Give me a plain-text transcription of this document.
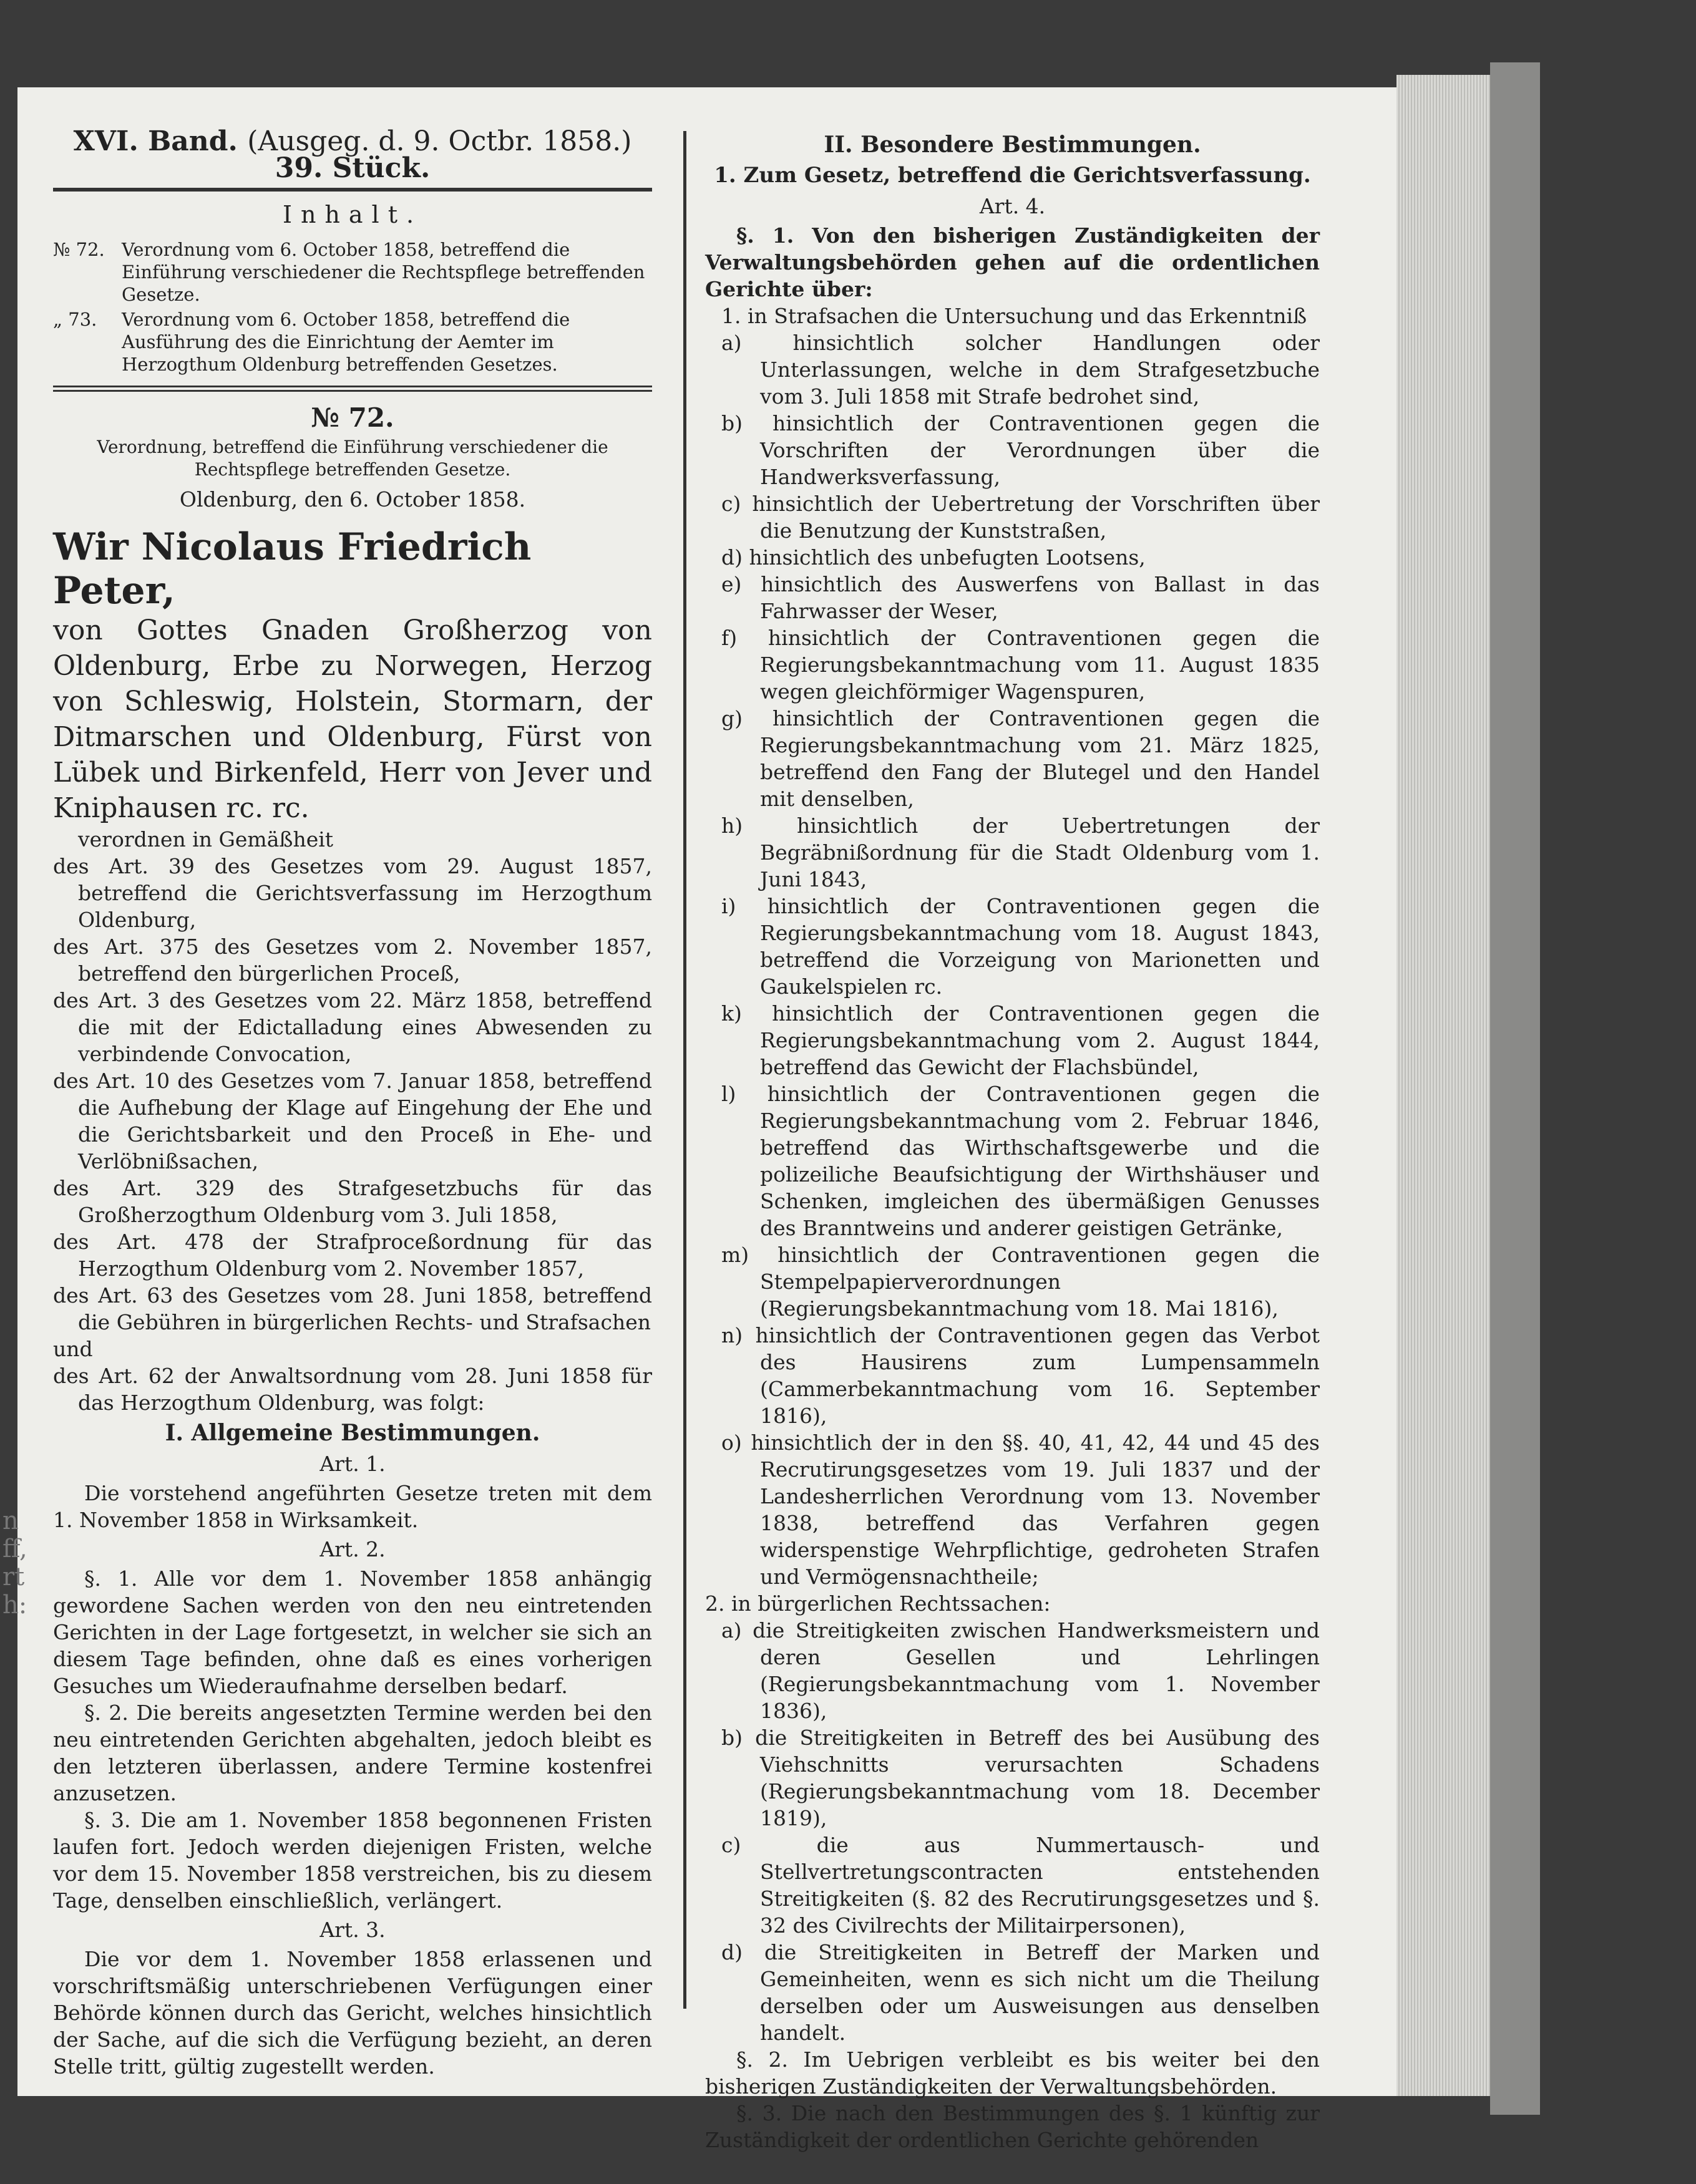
n
ff,
rt
h:
XVI. Band. (Ausgeg. d. 9. Octbr. 1858.) 39. Stück.
Inhalt.
№ 72. Verordnung vom 6. October 1858, betreffend die Einführung verschiedener die Rechtspflege betreffenden Gesetze.
„ 73. Verordnung vom 6. October 1858, betreffend die Ausführung des die Einrichtung der Aemter im Herzogthum Oldenburg betreffenden Gesetzes.
№ 72.
Verordnung, betreffend die Einführung verschiedener die Rechtspflege betreffenden Gesetze.
Oldenburg, den 6. October 1858.
Wir Nicolaus Friedrich Peter,
von Gottes Gnaden Großherzog von Oldenburg, Erbe zu Norwegen, Herzog von Schleswig, Holstein, Stormarn, der Ditmarschen und Oldenburg, Fürst von Lübek und Birkenfeld, Herr von Jever und Kniphausen rc. rc.

verordnen in Gemäßheit

des Art. 39 des Gesetzes vom 29. August 1857, betreffend die Gerichtsverfassung im Herzogthum Oldenburg,

des Art. 375 des Gesetzes vom 2. November 1857, betreffend den bürgerlichen Proceß,

des Art. 3 des Gesetzes vom 22. März 1858, betreffend die mit der Edictalladung eines Abwesenden zu verbindende Convocation,

des Art. 10 des Gesetzes vom 7. Januar 1858, betreffend die Aufhebung der Klage auf Eingehung der Ehe und die Gerichtsbarkeit und den Proceß in Ehe- und Verlöbnißsachen,

des Art. 329 des Strafgesetzbuchs für das Großherzogthum Oldenburg vom 3. Juli 1858,

des Art. 478 der Strafproceßordnung für das Herzogthum Oldenburg vom 2. November 1857,

des Art. 63 des Gesetzes vom 28. Juni 1858, betreffend die Gebühren in bürgerlichen Rechts- und Strafsachen

und

des Art. 62 der Anwaltsordnung vom 28. Juni 1858 für das Herzogthum Oldenburg, was folgt:

I. Allgemeine Bestimmungen.
Art. 1.

Die vorstehend angeführten Gesetze treten mit dem 1. November 1858 in Wirksamkeit.

Art. 2.

§. 1. Alle vor dem 1. November 1858 anhängig gewordene Sachen werden von den neu eintretenden Gerichten in der Lage fortgesetzt, in welcher sie sich an diesem Tage befinden, ohne daß es eines vorherigen Gesuches um Wiederaufnahme derselben bedarf.

§. 2. Die bereits angesetzten Termine werden bei den neu eintretenden Gerichten abgehalten, jedoch bleibt es den letzteren überlassen, andere Termine kostenfrei anzusetzen.

§. 3. Die am 1. November 1858 begonnenen Fristen laufen fort. Jedoch werden diejenigen Fristen, welche vor dem 15. November 1858 verstreichen, bis zu diesem Tage, denselben einschließlich, verlängert.

Art. 3.

Die vor dem 1. November 1858 erlassenen und vorschriftsmäßig unterschriebenen Verfügungen einer Behörde können durch das Gericht, welches hinsichtlich der Sache, auf die sich die Verfügung bezieht, an deren Stelle tritt, gültig zugestellt werden.

II. Besondere Bestimmungen.
1. Zum Gesetz, betreffend die Gerichtsverfassung.
Art. 4.

§. 1. Von den bisherigen Zuständigkeiten der Verwaltungsbehörden gehen auf die ordentlichen Gerichte über:

1. in Strafsachen die Untersuchung und das Erkenntniß

a) hinsichtlich solcher Handlungen oder Unterlassungen, welche in dem Strafgesetzbuche vom 3. Juli 1858 mit Strafe bedrohet sind,

b) hinsichtlich der Contraventionen gegen die Vorschriften der Verordnungen über die Handwerksverfassung,

c) hinsichtlich der Uebertretung der Vorschriften über die Benutzung der Kunststraßen,

d) hinsichtlich des unbefugten Lootsens,

e) hinsichtlich des Auswerfens von Ballast in das Fahrwasser der Weser,

f) hinsichtlich der Contraventionen gegen die Regierungsbekanntmachung vom 11. August 1835 wegen gleichförmiger Wagenspuren,

g) hinsichtlich der Contraventionen gegen die Regierungsbekanntmachung vom 21. März 1825, betreffend den Fang der Blutegel und den Handel mit denselben,

h) hinsichtlich der Uebertretungen der Begräbnißordnung für die Stadt Oldenburg vom 1. Juni 1843,

i) hinsichtlich der Contraventionen gegen die Regierungsbekanntmachung vom 18. August 1843, betreffend die Vorzeigung von Marionetten und Gaukelspielen rc.

k) hinsichtlich der Contraventionen gegen die Regierungsbekanntmachung vom 2. August 1844, betreffend das Gewicht der Flachsbündel,

l) hinsichtlich der Contraventionen gegen die Regierungsbekanntmachung vom 2. Februar 1846, betreffend das Wirthschaftsgewerbe und die polizeiliche Beaufsichtigung der Wirthshäuser und Schenken, imgleichen des übermäßigen Genusses des Branntweins und anderer geistigen Getränke,

m) hinsichtlich der Contraventionen gegen die Stempelpapierverordnungen (Regierungsbekanntmachung vom 18. Mai 1816),

n) hinsichtlich der Contraventionen gegen das Verbot des Hausirens zum Lumpensammeln (Cammerbekanntmachung vom 16. September 1816),

o) hinsichtlich der in den §§. 40, 41, 42, 44 und 45 des Recrutirungsgesetzes vom 19. Juli 1837 und der Landesherrlichen Verordnung vom 13. November 1838, betreffend das Verfahren gegen widerspenstige Wehrpflichtige, gedroheten Strafen und Vermögensnachtheile;

2. in bürgerlichen Rechtssachen:

a) die Streitigkeiten zwischen Handwerksmeistern und deren Gesellen und Lehrlingen (Regierungsbekanntmachung vom 1. November 1836),

b) die Streitigkeiten in Betreff des bei Ausübung des Viehschnitts verursachten Schadens (Regierungsbekanntmachung vom 18. December 1819),

c) die aus Nummertausch- und Stellvertretungscontracten entstehenden Streitigkeiten (§. 82 des Recrutirungsgesetzes und §. 32 des Civilrechts der Militairpersonen),

d) die Streitigkeiten in Betreff der Marken und Gemeinheiten, wenn es sich nicht um die Theilung derselben oder um Ausweisungen aus denselben handelt.

§. 2. Im Uebrigen verbleibt es bis weiter bei den bisherigen Zuständigkeiten der Verwaltungsbehörden.

§. 3. Die nach den Bestimmungen des §. 1 künftig zur Zuständigkeit der ordentlichen Gerichte gehörenden
